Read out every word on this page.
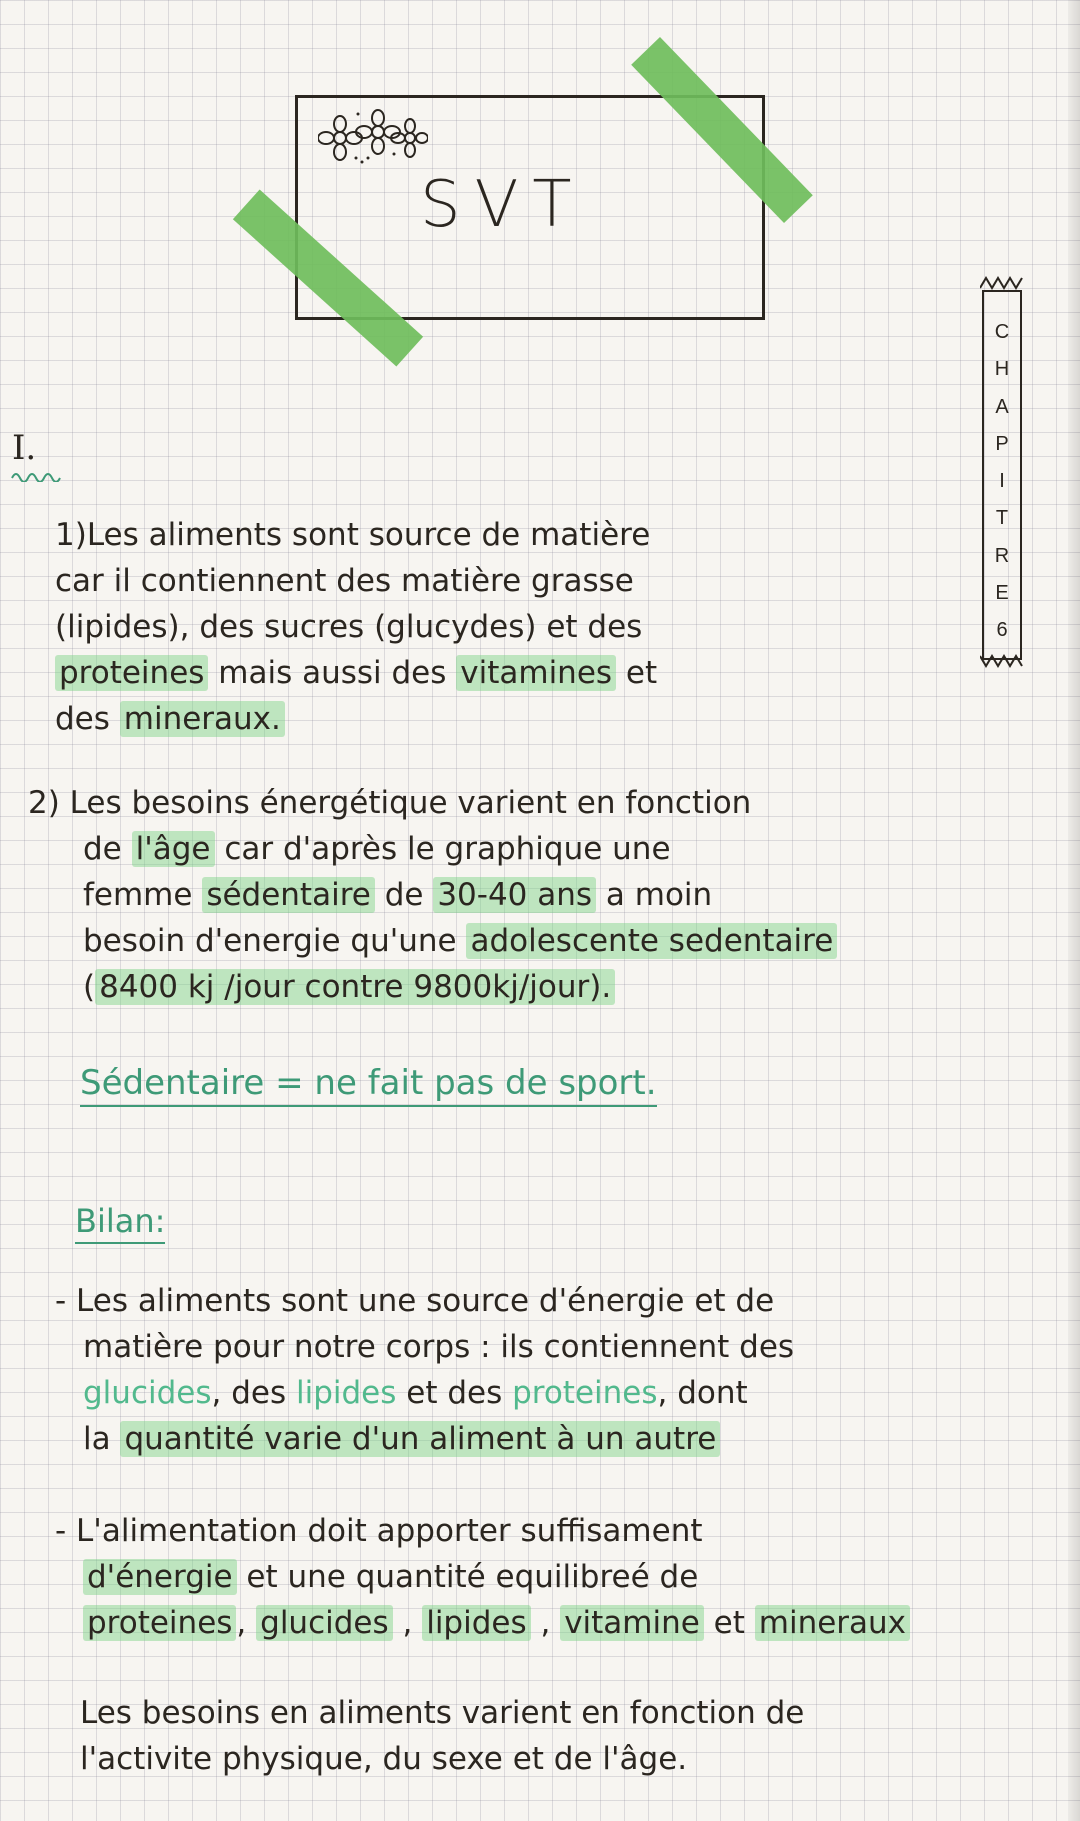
SVT
C
H
A
P
I
T
R
E
6
I.
1)Les aliments sont source de matière
car il contiennent des matière grasse
(lipides), des sucres (glucydes) et des
proteines mais aussi des vitamines et
des mineraux.
2) Les besoins énergétique varient en fonction
de l'âge car d'après le graphique une
femme sédentaire de 30-40 ans a moin
besoin d'energie qu'une adolescente sedentaire
( 8400 kj /jour contre 9800kj/jour).
Sédentaire = ne fait pas de sport.
Bilan:
- Les aliments sont une source d'énergie et de
matière pour notre corps : ils contiennent des
glucides, des lipides et des proteines, dont
la quantité varie d'un aliment à un autre
- L'alimentation doit apporter suffisament
d'énergie et une quantité equilibreé de
proteines , glucides , lipides , vitamine et mineraux
Les besoins en aliments varient en fonction de
l'activite physique, du sexe et de l'âge.
